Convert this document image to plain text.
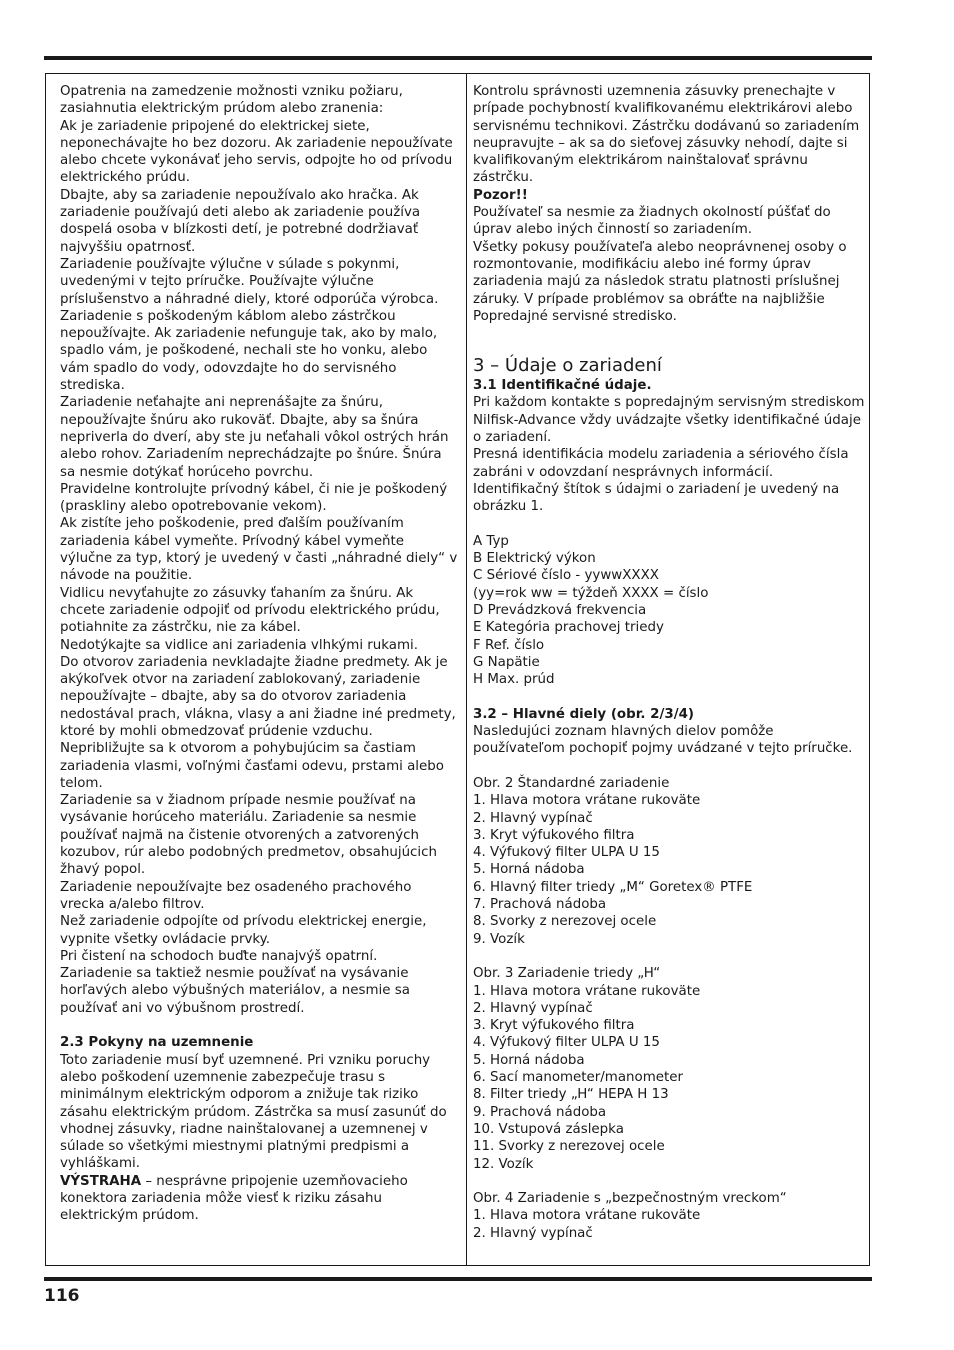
Opatrenia na zamedzenie možnosti vzniku požiaru, zasiahnutia elektrickým prúdom alebo zranenia:

Ak je zariadenie pripojené do elektrickej siete, neponechávajte ho bez dozoru. Ak zariadenie nepoužívate alebo chcete vykonávať jeho servis, odpojte ho od prívodu elektrického prúdu.

Dbajte, aby sa zariadenie nepoužívalo ako hračka. Ak zariadenie používajú deti alebo ak zariadenie používa dospelá osoba v blízkosti detí, je potrebné dodržiavať najvyššiu opatrnosť.

Zariadenie používajte výlučne v súlade s pokynmi, uvedenými v tejto príručke. Používajte výlučne príslušenstvo a náhradné diely, ktoré odporúča výrobca.

Zariadenie s poškodeným káblom alebo zástrčkou nepoužívajte. Ak zariadenie nefunguje tak, ako by malo, spadlo vám, je poškodené, nechali ste ho vonku, alebo vám spadlo do vody, odovzdajte ho do servisného strediska.

Zariadenie neťahajte ani neprenášajte za šnúru, nepoužívajte šnúru ako rukoväť. Dbajte, aby sa šnúra nepriverla do dverí, aby ste ju neťahali vôkol ostrých hrán alebo rohov. Zariadením neprechádzajte po šnúre. Šnúra sa nesmie dotýkať horúceho povrchu.

Pravidelne kontrolujte prívodný kábel, či nie je poškodený (praskliny alebo opotrebovanie vekom).

Ak zistíte jeho poškodenie, pred ďalším používaním zariadenia kábel vymeňte. Prívodný kábel vymeňte výlučne za typ, ktorý je uvedený v časti „náhradné diely“ v návode na použitie.

Vidlicu nevyťahujte zo zásuvky ťahaním za šnúru. Ak chcete zariadenie odpojiť od prívodu elektrického prúdu, potiahnite za zástrčku, nie za kábel.

Nedotýkajte sa vidlice ani zariadenia vlhkými rukami.

Do otvorov zariadenia nevkladajte žiadne predmety. Ak je akýkoľvek otvor na zariadení zablokovaný, zariadenie nepoužívajte – dbajte, aby sa do otvorov zariadenia nedostával prach, vlákna, vlasy a ani žiadne iné predmety, ktoré by mohli obmedzovať prúdenie vzduchu.

Nepribližujte sa k otvorom a pohybujúcim sa častiam zariadenia vlasmi, voľnými časťami odevu, prstami alebo telom.

Zariadenie sa v žiadnom prípade nesmie používať na vysávanie horúceho materiálu. Zariadenie sa nesmie používať najmä na čistenie otvorených a zatvorených kozubov, rúr alebo podobných predmetov, obsahujúcich žhavý popol.

Zariadenie nepoužívajte bez osadeného prachového vrecka a/alebo filtrov.

Než zariadenie odpojíte od prívodu elektrickej energie, vypnite všetky ovládacie prvky.

Pri čistení na schodoch buďte nanajvýš opatrní.

Zariadenie sa taktiež nesmie používať na vysávanie horľavých alebo výbušných materiálov, a nesmie sa používať ani vo výbušnom prostredí.

2.3 Pokyny na uzemnenie

Toto zariadenie musí byť uzemnené. Pri vzniku poruchy alebo poškodení uzemnenie zabezpečuje trasu s minimálnym elektrickým odporom a znižuje tak riziko zásahu elektrickým prúdom. Zástrčka sa musí zasunúť do vhodnej zásuvky, riadne nainštalovanej a uzemnenej v súlade so všetkými miestnymi platnými predpismi a vyhláškami.

VÝSTRAHA – nesprávne pripojenie uzemňovacieho konektora zariadenia môže viesť k riziku zásahu elektrickým prúdom.

Kontrolu správnosti uzemnenia zásuvky prenechajte v prípade pochybností kvalifikovanému elektrikárovi alebo servisnému technikovi. Zástrčku dodávanú so zariadením neupravujte – ak sa do sieťovej zásuvky nehodí, dajte si kvalifikovaným elektrikárom nainštalovať správnu zástrčku.

Pozor!!

Používateľ sa nesmie za žiadnych okolností púšťať do úprav alebo iných činností so zariadením.

Všetky pokusy používateľa alebo neoprávnenej osoby o rozmontovanie, modifikáciu alebo iné formy úprav zariadenia majú za následok stratu platnosti príslušnej záruky. V prípade problémov sa obráťte na najbližšie Popredajné servisné stredisko.

3 – Údaje o zariadení

3.1 Identifikačné údaje.

Pri každom kontakte s popredajným servisným strediskom Nilfisk-Advance vždy uvádzajte všetky identifikačné údaje o zariadení.

Presná identifikácia modelu zariadenia a sériového čísla zabráni v odovzdaní nesprávnych informácií.

Identifikačný štítok s údajmi o zariadení je uvedený na obrázku 1.

A Typ

B Elektrický výkon

C Sériové číslo - yywwXXXX

(yy=rok ww = týždeň XXXX = číslo

D Prevádzková frekvencia

E Kategória prachovej triedy

F Ref. číslo

G Napätie

H Max. prúd

3.2 – Hlavné diely (obr. 2/3/4)

Nasledujúci zoznam hlavných dielov pomôže používateľom pochopiť pojmy uvádzané v tejto príručke.

Obr. 2 Štandardné zariadenie

1. Hlava motora vrátane rukoväte

2. Hlavný vypínač

3. Kryt výfukového filtra

4. Výfukový filter ULPA U 15

5. Horná nádoba

6. Hlavný filter triedy „M“ Goretex® PTFE

7. Prachová nádoba

8. Svorky z nerezovej ocele

9. Vozík

Obr. 3 Zariadenie triedy „H“

1. Hlava motora vrátane rukoväte

2. Hlavný vypínač

3. Kryt výfukového filtra

4. Výfukový filter ULPA U 15

5. Horná nádoba

6. Sací manometer/manometer

8. Filter triedy „H“ HEPA H 13

9. Prachová nádoba

10. Vstupová záslepka

11. Svorky z nerezovej ocele

12. Vozík

Obr. 4 Zariadenie s „bezpečnostným vreckom“

1. Hlava motora vrátane rukoväte

2. Hlavný vypínač

116
